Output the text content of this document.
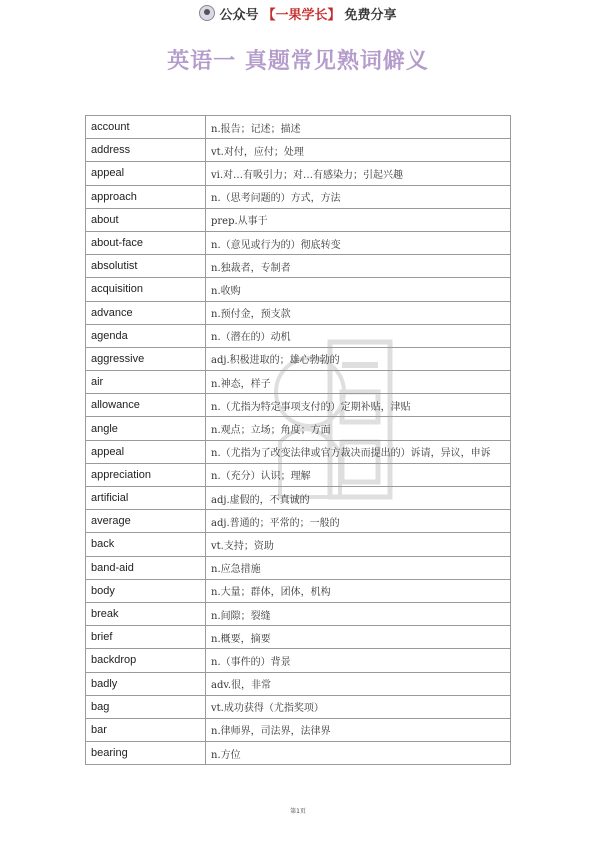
公众号 【一果学长】 免费分享
英语一 真题常见熟词僻义
account	n.报告；记述；描述
address	vt.对付，应付；处理
appeal	vi.对…有吸引力；对…有感染力；引起兴趣
approach	n.（思考问题的）方式，方法
about	prep.从事于
about-face	n.（意见或行为的）彻底转变
absolutist	n.独裁者，专制者
acquisition	n.收购
advance	n.预付金，预支款
agenda	n.（潜在的）动机
aggressive	adj.积极进取的；雄心勃勃的
air	n.神态，样子
allowance	n.（尤指为特定事项支付的）定期补贴，津贴
angle	n.观点；立场；角度；方面
appeal	n.（尤指为了改变法律或官方裁决而提出的）诉请，异议，申诉
appreciation	n.（充分）认识；理解
artificial	adj.虚假的，不真诚的
average	adj.普通的；平常的；一般的
back	vt.支持；资助
band-aid	n.应急措施
body	n.大量；群体，团体，机构
break	n.间隙；裂缝
brief	n.概要，摘要
backdrop	n.（事件的）背景
badly	adv.很，非常
bag	vt.成功获得（尤指奖项）
bar	n.律师界，司法界，法律界
bearing	n.方位
第1页
